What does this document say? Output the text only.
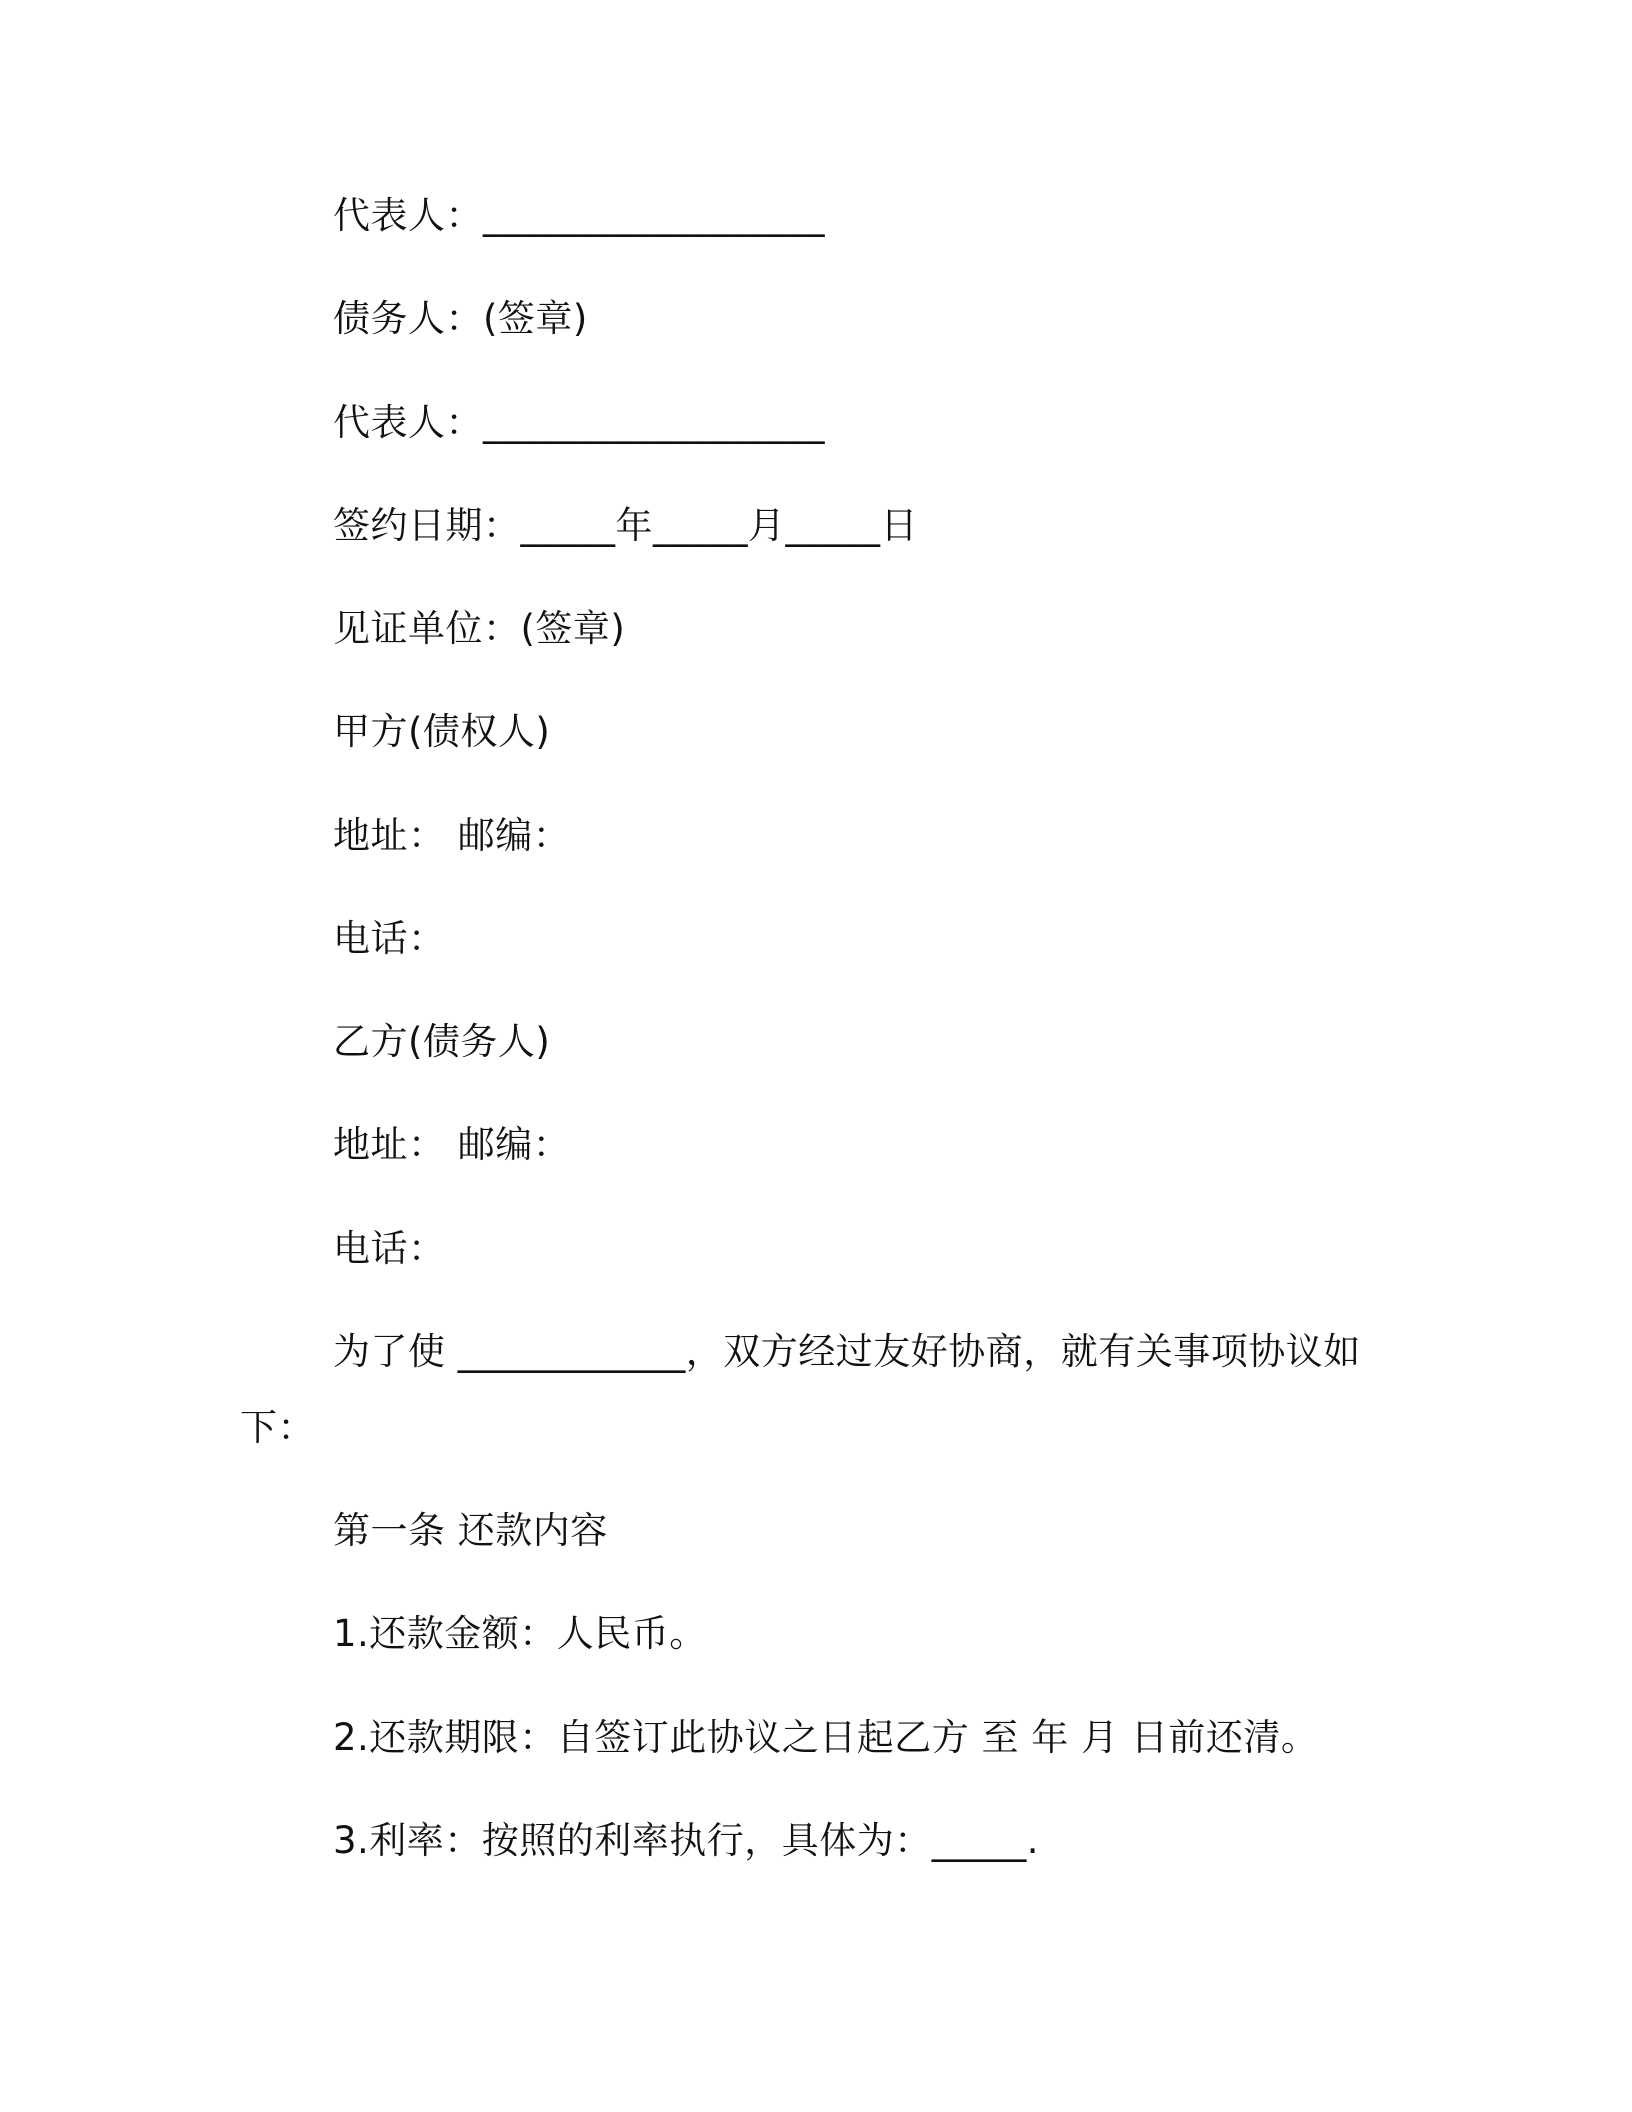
代表人：__________________
债务人：(签章)
代表人：__________________
签约日期：_____年_____月_____日
见证单位：(签章)
甲方(债权人)
地址： 邮编：
电话：
乙方(债务人)
地址： 邮编：
电话：
为了使 ____________，双方经过友好协商，就有关事项协议如
下：
第一条 还款内容
1.还款金额：人民币。
2.还款期限：自签订此协议之日起乙方 至 年 月 日前还清。
3.利率：按照的利率执行，具体为：_____.
